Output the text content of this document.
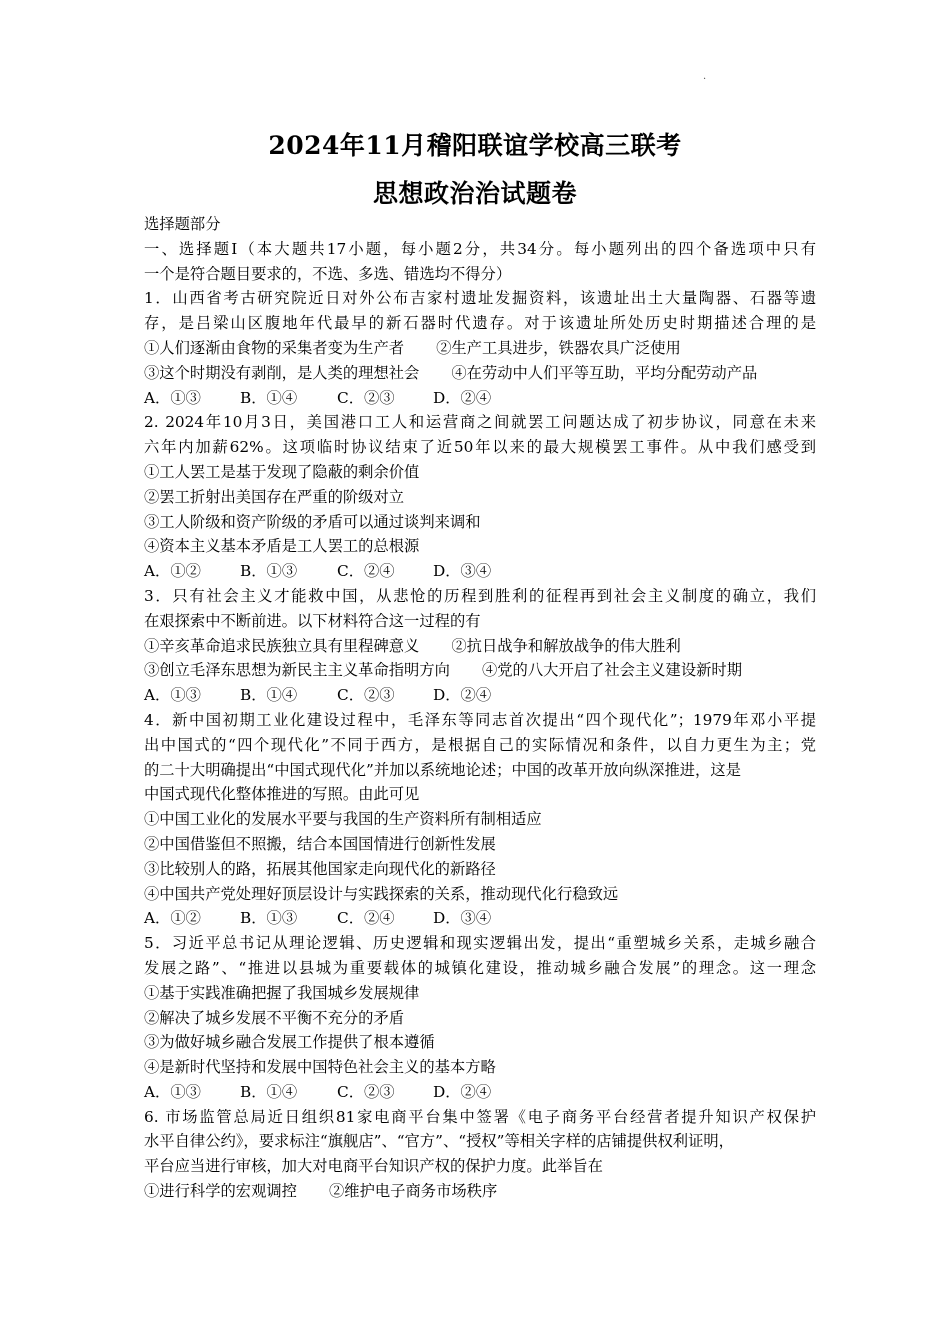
·
2024年11月稽阳联谊学校高三联考
思想政治治试题卷
选择题部分
一、选择题Ⅰ（本大题共17小题，每小题2分，共34分。每小题列出的四个备选项中只有
一个是符合题目要求的，不选、多选、错选均不得分）
1．山西省考古研究院近日对外公布吉家村遗址发掘资料，该遗址出土大量陶器、石器等遗
存，是吕梁山区腹地年代最早的新石器时代遗存。对于该遗址所处历史时期描述合理的是
①人们逐渐由食物的采集者变为生产者 ②生产工具进步，铁器农具广泛使用
③这个时期没有剥削，是人类的理想社会 ④在劳动中人们平等互助，平均分配劳动产品
A．①③	B．①④	C．②③	D．②④
2. 2024年10月3日，美国港口工人和运营商之间就罢工问题达成了初步协议，同意在未来
六年内加薪62%。这项临时协议结束了近50年以来的最大规模罢工事件。从中我们感受到
①工人罢工是基于发现了隐蔽的剩余价值
②罢工折射出美国存在严重的阶级对立
③工人阶级和资产阶级的矛盾可以通过谈判来调和
④资本主义基本矛盾是工人罢工的总根源
A．①②	B．①③	C．②④	D．③④
3．只有社会主义才能救中国，从悲怆的历程到胜利的征程再到社会主义制度的确立，我们
在艰探索中不断前进。以下材料符合这一过程的有
①辛亥革命追求民族独立具有里程碑意义 ②抗日战争和解放战争的伟大胜利
③创立毛泽东思想为新民主主义革命指明方向 ④党的八大开启了社会主义建设新时期
A．①③	B．①④	C．②③	D．②④
4．新中国初期工业化建设过程中，毛泽东等同志首次提出“四个现代化”；1979年邓小平提
出中国式的“四个现代化”不同于西方，是根据自己的实际情况和条件，以自力更生为主；党
的二十大明确提出“中国式现代化”并加以系统地论述；中国的改革开放向纵深推进，这是
中国式现代化整体推进的写照。由此可见
①中国工业化的发展水平要与我国的生产资料所有制相适应
②中国借鉴但不照搬，结合本国国情进行创新性发展
③比较别人的路，拓展其他国家走向现代化的新路径
④中国共产党处理好顶层设计与实践探索的关系，推动现代化行稳致远
A．①②	B．①③	C．②④	D．③④
5．习近平总书记从理论逻辑、历史逻辑和现实逻辑出发，提出“重塑城乡关系，走城乡融合
发展之路”、“推进以县城为重要载体的城镇化建设，推动城乡融合发展”的理念。这一理念
①基于实践准确把握了我国城乡发展规律
②解决了城乡发展不平衡不充分的矛盾
③为做好城乡融合发展工作提供了根本遵循
④是新时代坚持和发展中国特色社会主义的基本方略
A．①③	B．①④	C．②③	D．②④
6. 市场监管总局近日组织81家电商平台集中签署《电子商务平台经营者提升知识产权保护
水平自律公约》，要求标注“旗舰店”、“官方”、“授权”等相关字样的店铺提供权利证明，
平台应当进行审核，加大对电商平台知识产权的保护力度。此举旨在
①进行科学的宏观调控 ②维护电子商务市场秩序
